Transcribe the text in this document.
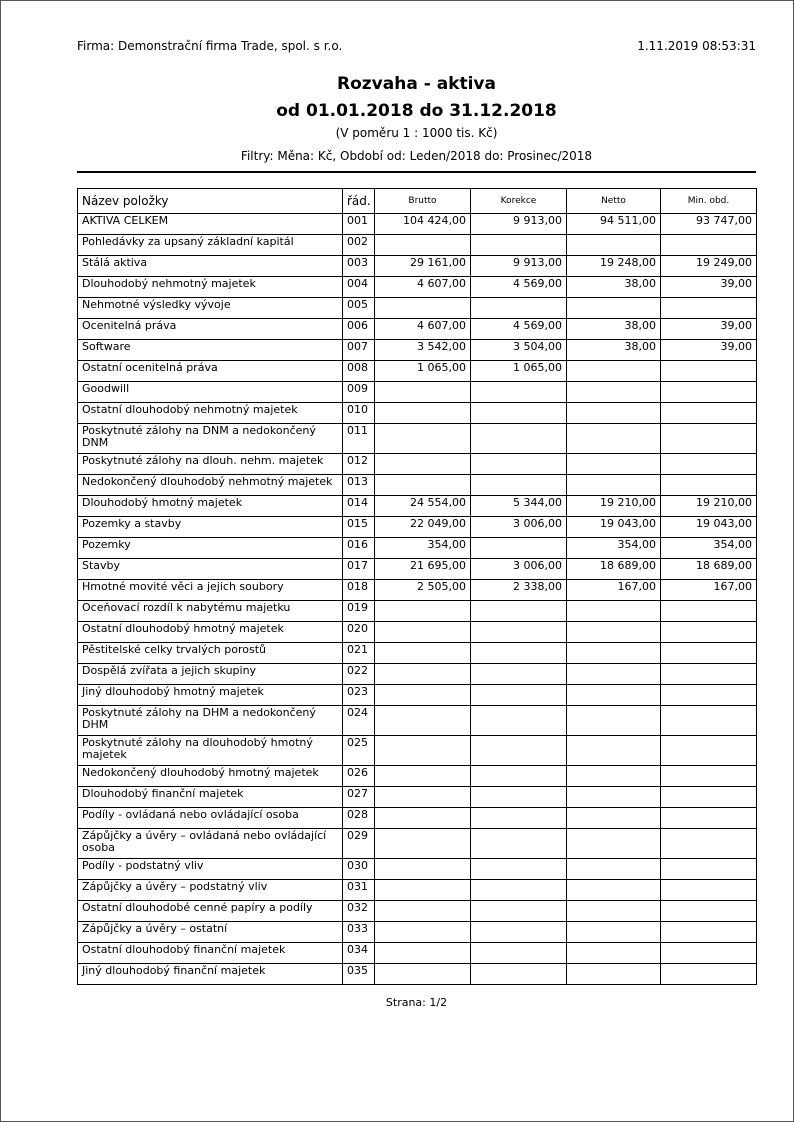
Firma: Demonstrační firma Trade, spol. s r.o.	1.11.2019 08:53:31
Rozvaha - aktiva
od 01.01.2018 do 31.12.2018
(V poměru 1 : 1000 tis. Kč)
Filtry: Měna: Kč, Období od: Leden/2018 do: Prosinec/2018
Název položky	řád.	Brutto	Korekce	Netto	Min. obd.
AKTIVA CELKEM	001	104 424,00	9 913,00	94 511,00	93 747,00
Pohledávky za upsaný základní kapitál	002				
Stálá aktiva	003	29 161,00	9 913,00	19 248,00	19 249,00
Dlouhodobý nehmotný majetek	004	4 607,00	4 569,00	38,00	39,00
Nehmotné výsledky vývoje	005				
Ocenitelná práva	006	4 607,00	4 569,00	38,00	39,00
Software	007	3 542,00	3 504,00	38,00	39,00
Ostatní ocenitelná práva	008	1 065,00	1 065,00		
Goodwill	009				
Ostatní dlouhodobý nehmotný majetek	010				
Poskytnuté zálohy na DNM a nedokončený DNM	011				
Poskytnuté zálohy na dlouh. nehm. majetek	012				
Nedokončený dlouhodobý nehmotný majetek	013				
Dlouhodobý hmotný majetek	014	24 554,00	5 344,00	19 210,00	19 210,00
Pozemky a stavby	015	22 049,00	3 006,00	19 043,00	19 043,00
Pozemky	016	354,00		354,00	354,00
Stavby	017	21 695,00	3 006,00	18 689,00	18 689,00
Hmotné movité věci a jejich soubory	018	2 505,00	2 338,00	167,00	167,00
Oceňovací rozdíl k nabytému majetku	019				
Ostatní dlouhodobý hmotný majetek	020				
Pěstitelské celky trvalých porostů	021				
Dospělá zvířata a jejich skupiny	022				
Jiný dlouhodobý hmotný majetek	023				
Poskytnuté zálohy na DHM a nedokončený DHM	024				
Poskytnuté zálohy na dlouhodobý hmotný majetek	025				
Nedokončený dlouhodobý hmotný majetek	026				
Dlouhodobý finanční majetek	027				
Podíly - ovládaná nebo ovládající osoba	028				
Zápůjčky a úvěry – ovládaná nebo ovládající osoba	029				
Podíly - podstatný vliv	030				
Zápůjčky a úvěry – podstatný vliv	031				
Ostatní dlouhodobé cenné papíry a podíly	032				
Zápůjčky a úvěry – ostatní	033				
Ostatní dlouhodobý finanční majetek	034				
Jiný dlouhodobý finanční majetek	035				
Strana: 1/2
